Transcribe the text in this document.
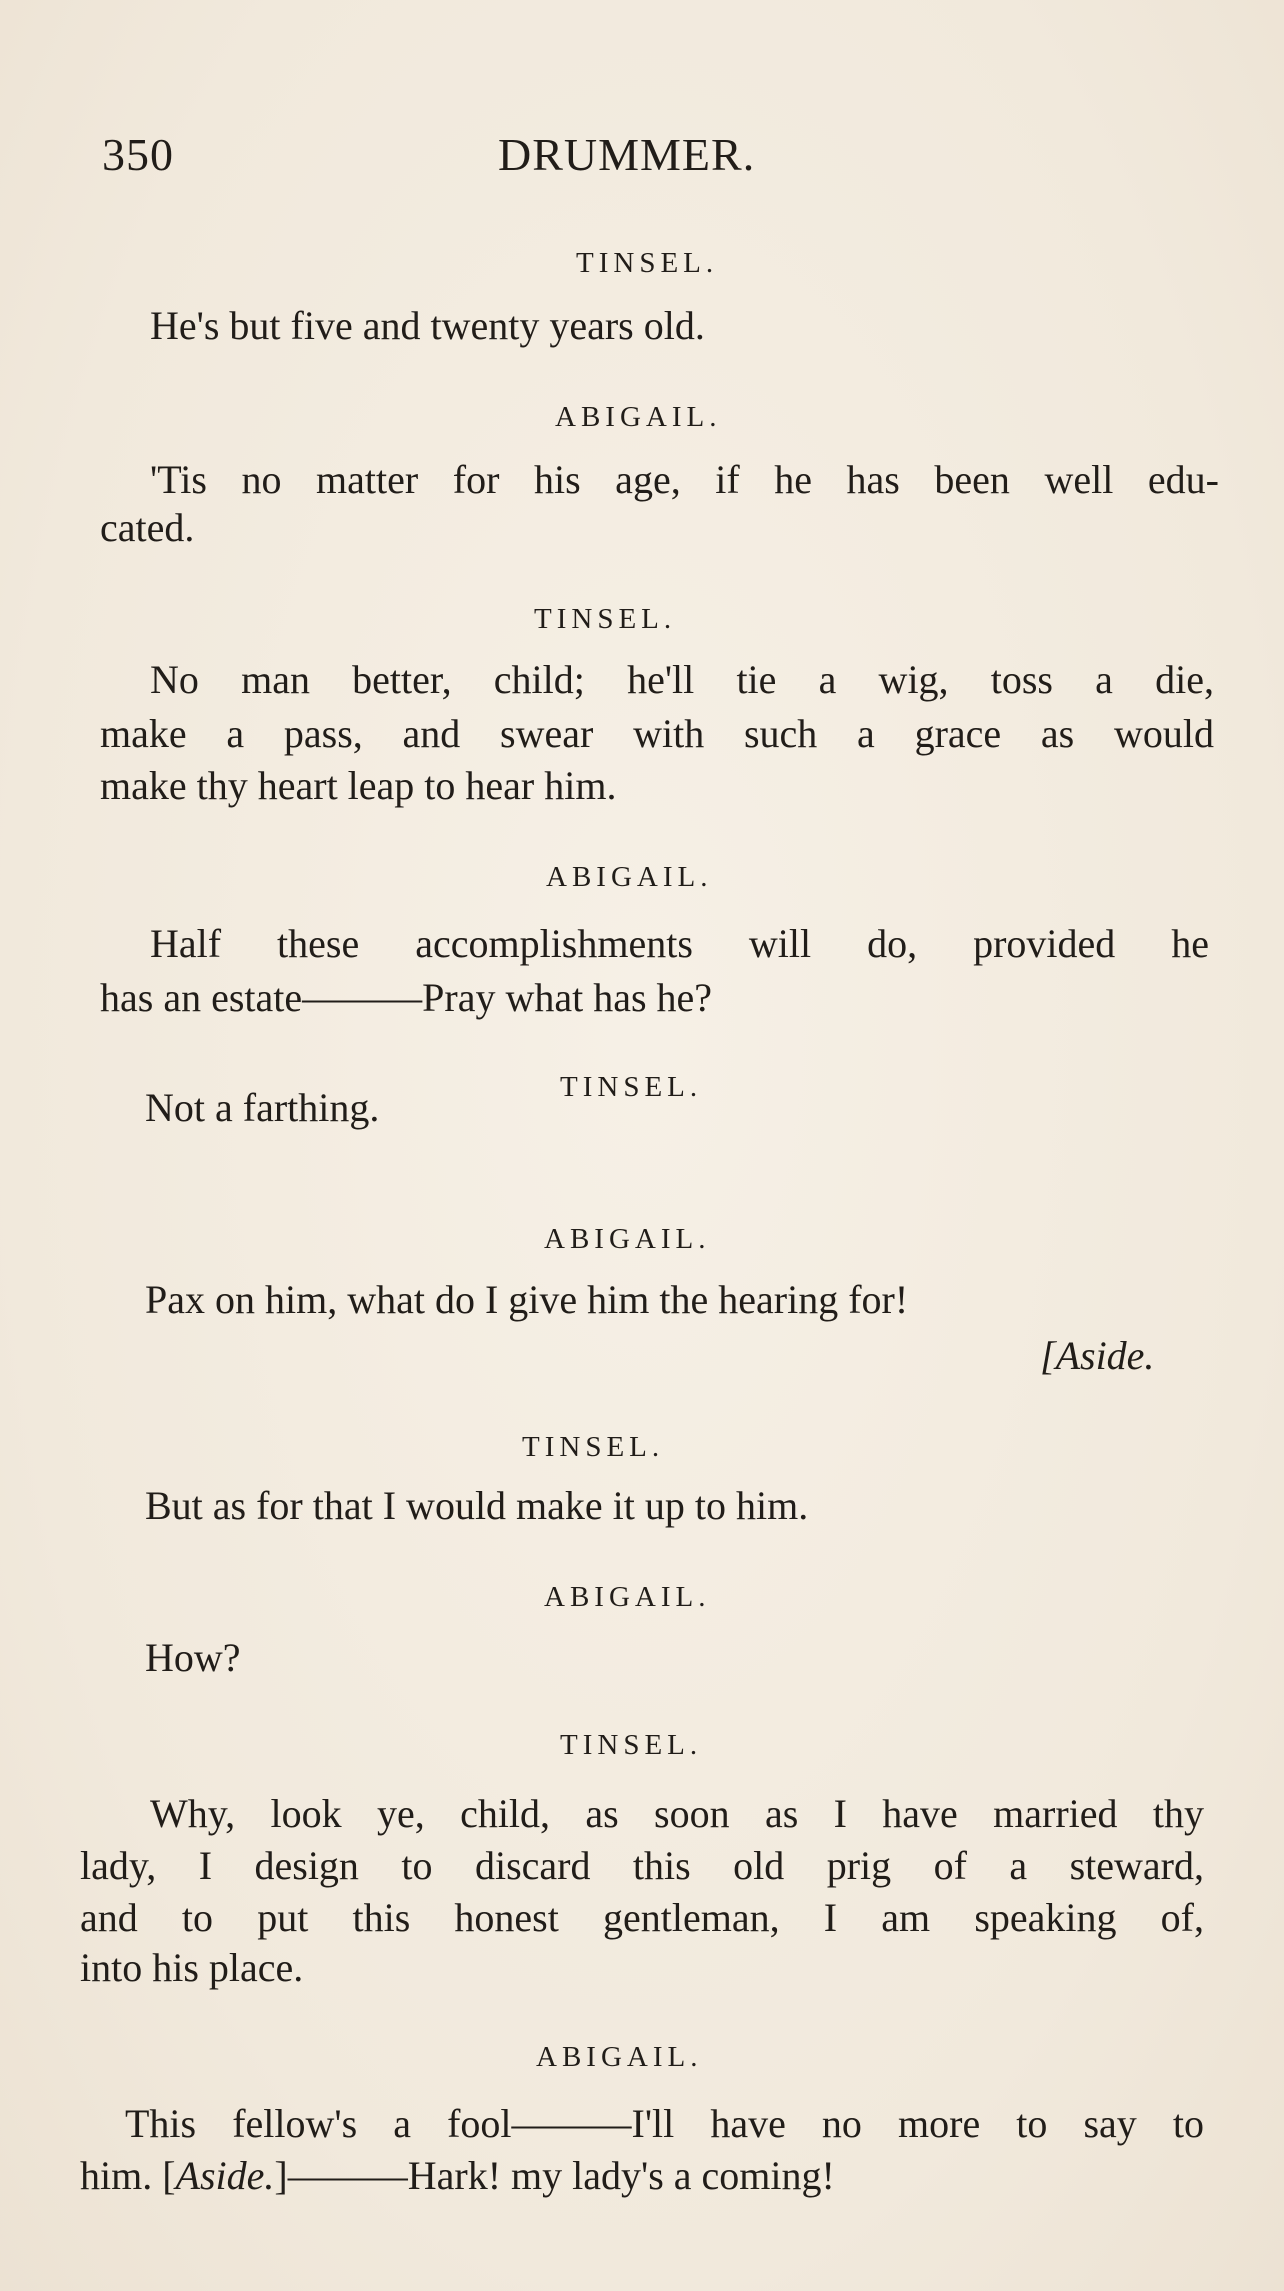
350	DRUMMER.
TINSEL.
He's but five and twenty years old.
ABIGAIL.
'Tis no matter for his age, if he has been well edu-
cated.
TINSEL.
No man better, child; he'll tie a wig, toss a die,
make a pass, and swear with such a grace as would
make thy heart leap to hear him.
ABIGAIL.
Half these accomplishments will do, provided he
has an estate———Pray what has he?
TINSEL.
Not a farthing.
ABIGAIL.
Pax on him, what do I give him the hearing for!
[Aside.
TINSEL.
But as for that I would make it up to him.
ABIGAIL.
How?
TINSEL.
Why, look ye, child, as soon as I have married thy
lady, I design to discard this old prig of a steward,
and to put this honest gentleman, I am speaking of,
into his place.
ABIGAIL.
This fellow's a fool———I'll have no more to say to
him. [Aside.]———Hark! my lady's a coming!
